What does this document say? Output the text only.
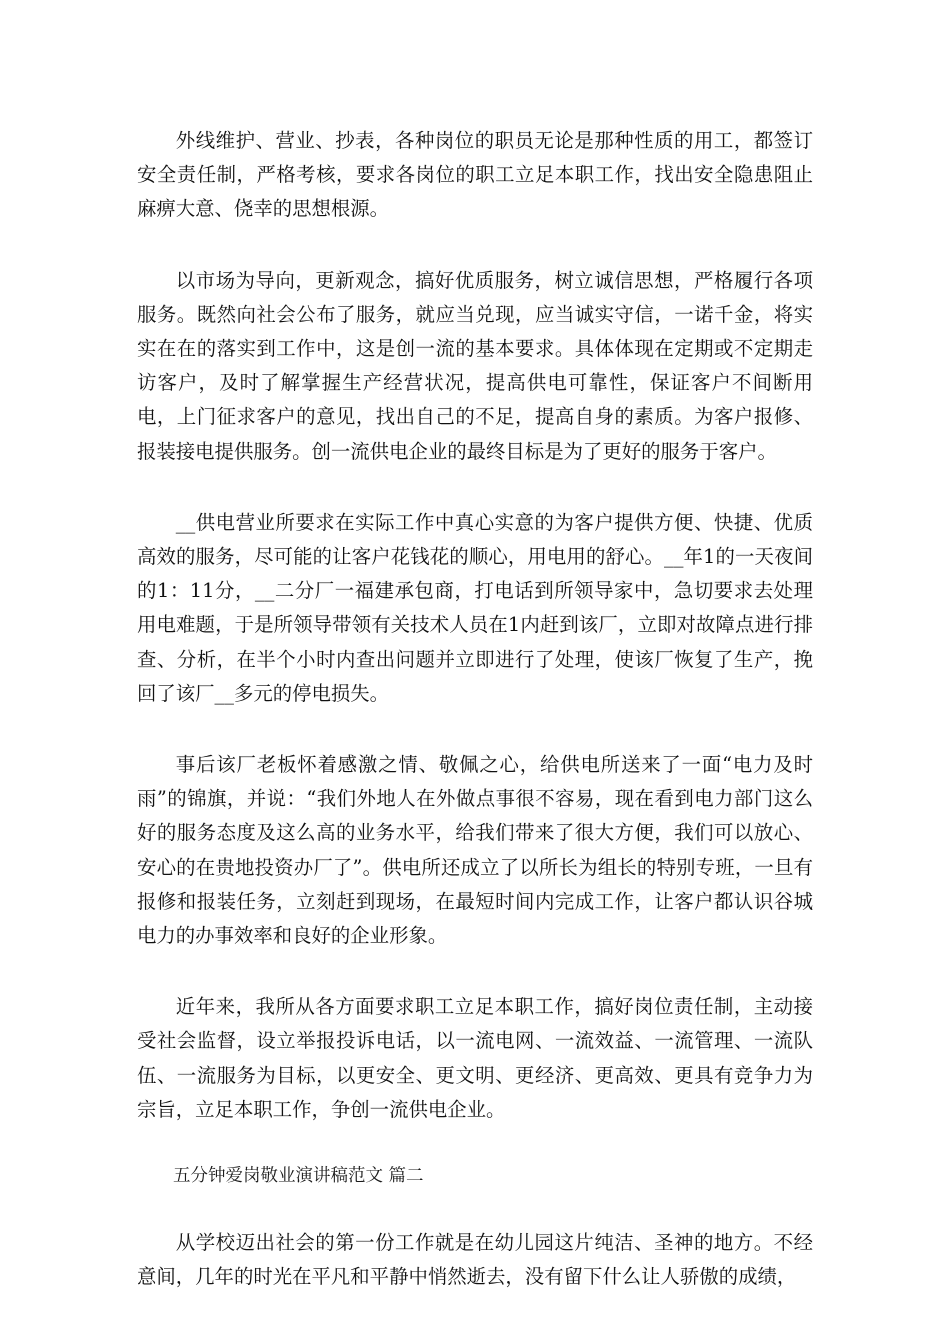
外线维护、营业、抄表，各种岗位的职员无论是那种性质的用工，都签订安全责任制，严格考核，要求各岗位的职工立足本职工作，找出安全隐患阻止麻痹大意、侥幸的思想根源。

以市场为导向，更新观念，搞好优质服务，树立诚信思想，严格履行各项服务。既然向社会公布了服务，就应当兑现，应当诚实守信，一诺千金，将实实在在的落实到工作中，这是创一流的基本要求。具体体现在定期或不定期走访客户，及时了解掌握生产经营状况，提高供电可靠性，保证客户不间断用电，上门征求客户的意见，找出自己的不足，提高自身的素质。为客户报修、报装接电提供服务。创一流供电企业的最终目标是为了更好的服务于客户。

__供电营业所要求在实际工作中真心实意的为客户提供方便、快捷、优质高效的服务，尽可能的让客户花钱花的顺心，用电用的舒心。__年1的一天夜间的1：11分，__二分厂一福建承包商，打电话到所领导家中，急切要求去处理用电难题，于是所领导带领有关技术人员在1内赶到该厂，立即对故障点进行排查、分析，在半个小时内查出问题并立即进行了处理，使该厂恢复了生产，挽回了该厂__多元的停电损失。

事后该厂老板怀着感激之情、敬佩之心，给供电所送来了一面“电力及时雨”的锦旗，并说：“我们外地人在外做点事很不容易，现在看到电力部门这么好的服务态度及这么高的业务水平，给我们带来了很大方便，我们可以放心、安心的在贵地投资办厂了”。供电所还成立了以所长为组长的特别专班，一旦有报修和报装任务，立刻赶到现场，在最短时间内完成工作，让客户都认识谷城电力的办事效率和良好的企业形象。

近年来，我所从各方面要求职工立足本职工作，搞好岗位责任制，主动接受社会监督，设立举报投诉电话，以一流电网、一流效益、一流管理、一流队伍、一流服务为目标，以更安全、更文明、更经济、更高效、更具有竞争力为宗旨，立足本职工作，争创一流供电企业。

五分钟爱岗敬业演讲稿范文 篇二

从学校迈出社会的第一份工作就是在幼儿园这片纯洁、圣神的地方。不经意间，几年的时光在平凡和平静中悄然逝去，没有留下什么让人骄傲的成绩，
